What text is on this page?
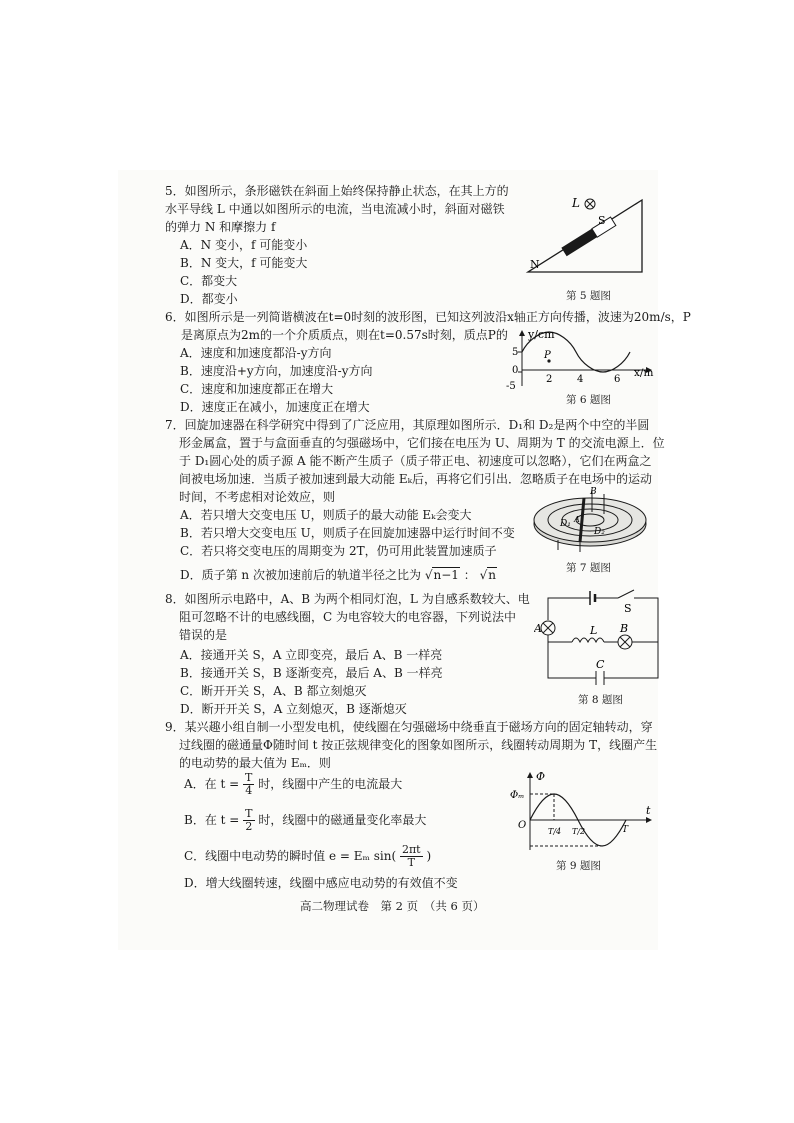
5．如图所示，条形磁铁在斜面上始终保持静止状态，在其上方的
水平导线 L 中通以如图所示的电流，当电流减小时，斜面对磁铁
的弹力 N 和摩擦力 f
A．N 变小，f 可能变小
B．N 变大，f 可能变大
C．都变大
D．都变小
L
S
N
第 5 题图
6．如图所示是一列简谐横波在t=0时刻的波形图，已知这列波沿x轴正方向传播，波速为20m/s，P
是离原点为2m的一个介质质点，则在t=0.57s时刻，质点P的
A．速度和加速度都沿-y方向
B．速度沿+y方向，加速度沿-y方向
C．速度和加速度都正在增大
D．速度正在减小，加速度正在增大
y/cm
x/m
5
0
-5
2 4	6
P
第 6 题图
7．回旋加速器在科学研究中得到了广泛应用，其原理如图所示．D₁和 D₂是两个中空的半圆
形金属盒，置于与盒面垂直的匀强磁场中，它们接在电压为 U、周期为 T 的交流电源上．位
于 D₁圆心处的质子源 A 能不断产生质子（质子带正电、初速度可以忽略），它们在两盒之
间被电场加速．当质子被加速到最大动能 Eₖ后，再将它们引出．忽略质子在电场中的运动
时间，不考虑相对论效应，则
A．若只增大交变电压 U，则质子的最大动能 Eₖ会变大
B．若只增大交变电压 U，则质子在回旋加速器中运行时间不变
C．若只将交变电压的周期变为 2T，仍可用此装置加速质子
D．质子第 n 次被加速前后的轨道半径之比为 √n−1 ： √n
B
D₁
D₂
A
第 7 题图
8．如图所示电路中，A、B 为两个相同灯泡，L 为自感系数较大、电
阻可忽略不计的电感线圈，C 为电容较大的电容器，下列说法中
错误的是
A．接通开关 S，A 立即变亮，最后 A、B 一样亮
B．接通开关 S，B 逐渐变亮，最后 A、B 一样亮
C．断开开关 S，A、B 都立刻熄灭
D．断开开关 S，A 立刻熄灭，B 逐渐熄灭
S
A	L B
C
第 8 题图
9．某兴趣小组自制一小型发电机，使线圈在匀强磁场中绕垂直于磁场方向的固定轴转动，穿
过线圈的磁通量Φ随时间 t 按正弦规律变化的图象如图所示，线圈转动周期为 T，线圈产生
的电动势的最大值为 Eₘ．则
A．在 $t = \frac{T}{4}$ 时，线圈中产生的电流最大
B．在 $t = \frac{T}{2}$ 时，线圈中的磁通量变化率最大
C．线圈中电动势的瞬时值 e = Eₘ $\sin( \frac{2\pi t}{T}$ )
D．增大线圈转速，线圈中感应电动势的有效值不变
Φ
Φₘ
O
t
T/4 T/2	T
第 9 题图
高二物理试卷　第 2 页　（共 6 页）
